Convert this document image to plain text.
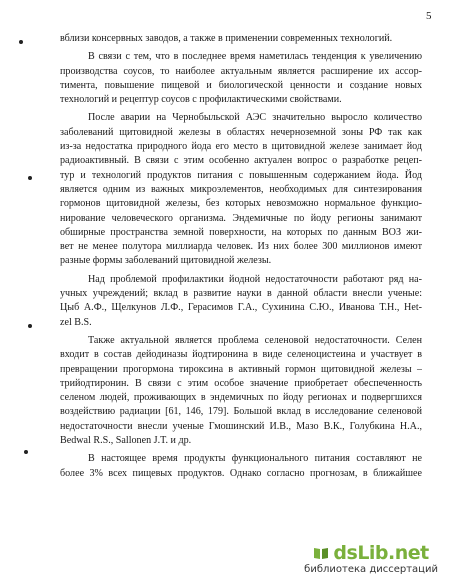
5

вблизи консервных заводов, а также в применении современных технологий.

В связи с тем, что в последнее время наметилась тенденция к увеличению
производства соусов, то наиболее актуальным является расширение их ассор-
тимента, повышение пищевой и биологической ценности и создание новых
технологий и рецептур соусов с профилактическими свойствами.

После аварии на Чернобыльской АЭС значительно выросло количество
заболеваний щитовидной железы в областях нечерноземной зоны РФ так как
из-за недостатка природного йода его место в щитовидной железе занимает йод
радиоактивный. В связи с этим особенно актуален вопрос о разработке рецеп-
тур и технологий продуктов питания с повышенным содержанием йода. Йод
является одним из важных микроэлементов, необходимых для синтезирования
гормонов щитовидной железы, без которых невозможно нормальное функцио-
нирование человеческого организма. Эндемичные по йоду регионы занимают
обширные пространства земной поверхности, на которых по данным ВОЗ жи-
вет не менее полутора миллиарда человек. Из них более 300 миллионов имеют
разные формы заболеваний щитовидной железы.

Над проблемой профилактики йодной недостаточности работают ряд на-
учных учреждений; вклад в развитие науки в данной области внесли ученые:
Цыб А.Ф., Щелкунов Л.Ф., Герасимов Г.А., Сухинина С.Ю., Иванова Т.Н., Het-
zel B.S.

Также актуальной является проблема селеновой недостаточности. Селен
входит в состав дейодиназы йодтиронина в виде селеноцистеина и участвует в
превращении прогормона тироксина в активный гормон щитовидной железы –
трийодтиронин. В связи с этим особое значение приобретает обеспеченность
селеном людей, проживающих в эндемичных по йоду регионах и подвергшихся
воздействию радиации [61, 146, 179]. Большой вклад в исследование селеновой
недостаточности внесли ученые Гмошинский И.В., Мазо В.К., Голубкина Н.А.,
Bedwal R.S., Sallonen J.T. и др.

В настоящее время продукты функционального питания составляют не
более 3% всех пищевых продуктов. Однако согласно прогнозам, в ближайшее

dsLib.net
библиотека диссертаций
